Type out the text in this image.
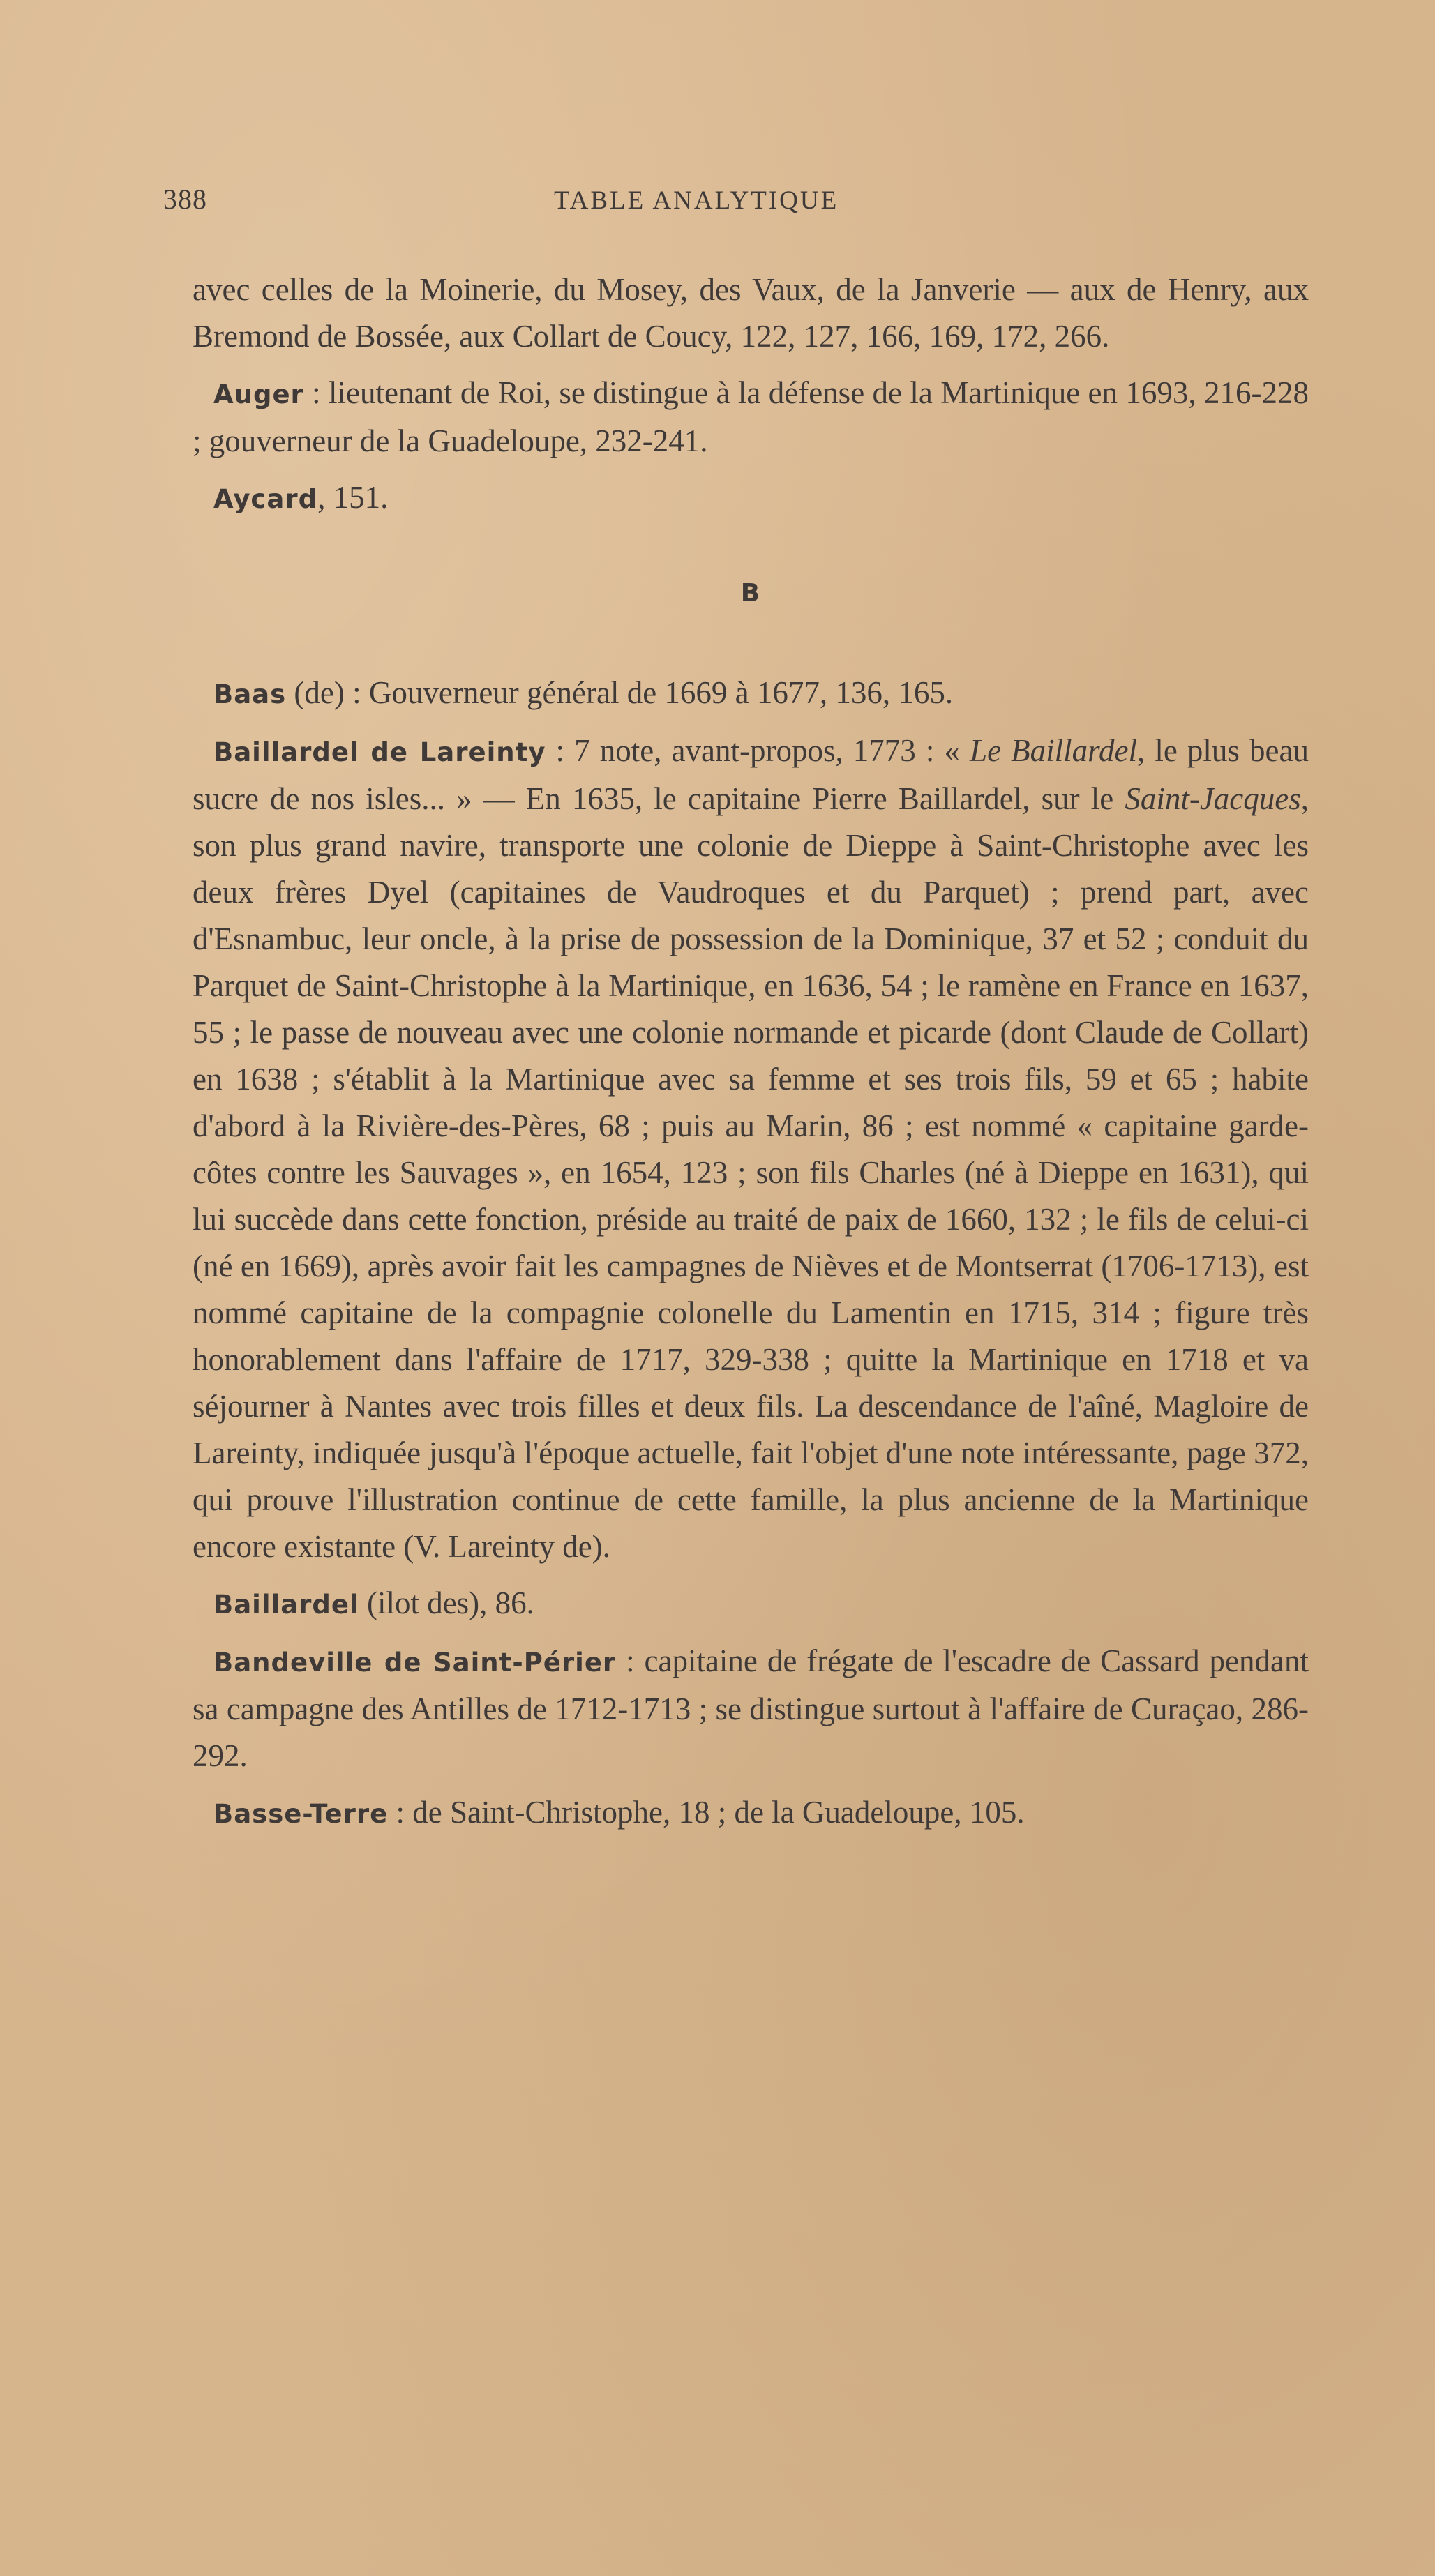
388	TABLE ANALYTIQUE

avec celles de la Moinerie, du Mosey, des Vaux, de la Janverie — aux de Henry, aux Bremond de Bossée, aux Collart de Coucy, 122, 127, 166, 169, 172, 266.

Auger : lieutenant de Roi, se distingue à la défense de la Martinique en 1693, 216-228 ; gouverneur de la Guadeloupe, 232-241.

Aycard, 151.

B

Baas (de) : Gouverneur général de 1669 à 1677, 136, 165.

Baillardel de Lareinty : 7 note, avant-propos, 1773 : « Le Baillardel, le plus beau sucre de nos isles... » — En 1635, le capitaine Pierre Baillardel, sur le Saint-Jacques, son plus grand navire, transporte une colonie de Dieppe à Saint-Christophe avec les deux frères Dyel (capitaines de Vaudroques et du Parquet) ; prend part, avec d'Esnambuc, leur oncle, à la prise de possession de la Dominique, 37 et 52 ; conduit du Parquet de Saint-Christophe à la Martinique, en 1636, 54 ; le ramène en France en 1637, 55 ; le passe de nouveau avec une colonie normande et picarde (dont Claude de Collart) en 1638 ; s'établit à la Martinique avec sa femme et ses trois fils, 59 et 65 ; habite d'abord à la Rivière-des-Pères, 68 ; puis au Marin, 86 ; est nommé « capitaine garde-côtes contre les Sauvages », en 1654, 123 ; son fils Charles (né à Dieppe en 1631), qui lui succède dans cette fonction, préside au traité de paix de 1660, 132 ; le fils de celui-ci (né en 1669), après avoir fait les campagnes de Nièves et de Montserrat (1706-1713), est nommé capitaine de la compagnie colonelle du Lamentin en 1715, 314 ; figure très honorablement dans l'affaire de 1717, 329-338 ; quitte la Martinique en 1718 et va séjourner à Nantes avec trois filles et deux fils. La descendance de l'aîné, Magloire de Lareinty, indiquée jusqu'à l'époque actuelle, fait l'objet d'une note intéressante, page 372, qui prouve l'illustration continue de cette famille, la plus ancienne de la Martinique encore existante (V. Lareinty de).

Baillardel (ilot des), 86.

Bandeville de Saint-Périer : capitaine de frégate de l'escadre de Cassard pendant sa campagne des Antilles de 1712-1713 ; se distingue surtout à l'affaire de Curaçao, 286-292.

Basse-Terre : de Saint-Christophe, 18 ; de la Guadeloupe, 105.
